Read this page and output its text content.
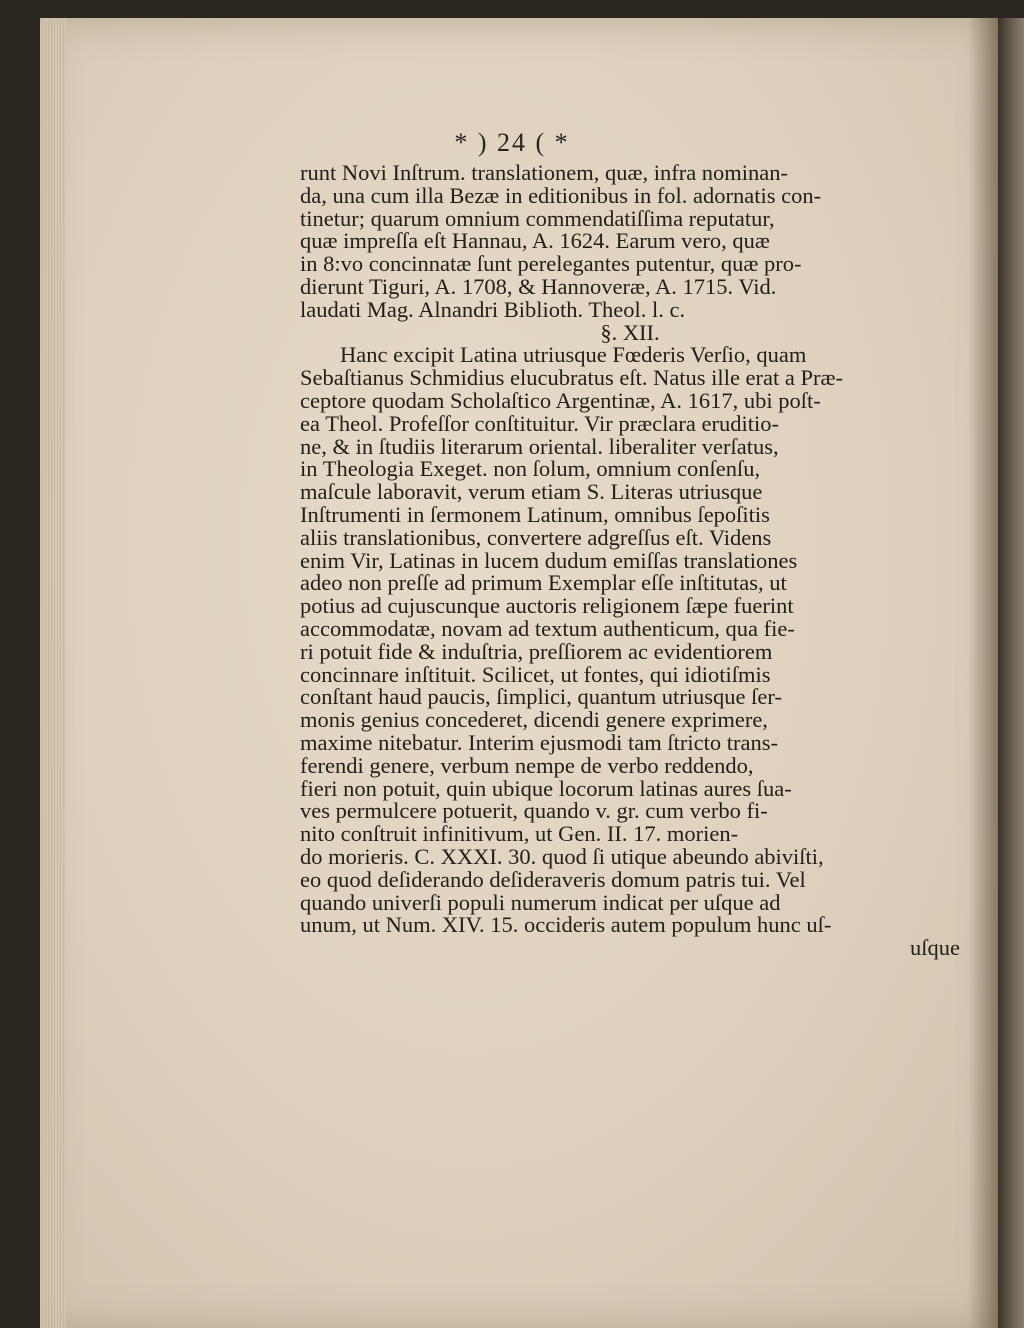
* ) 24 ( *
runt Novi Inſtrum. translationem, quæ, infra nominan-
da, una cum illa Bezæ in editionibus in fol. adornatis con-
tinetur; quarum omnium commendatiſſima reputatur,
quæ impreſſa eſt Hannau, A. 1624. Earum vero, quæ
in 8:vo concinnatæ ſunt perelegantes putentur, quæ pro-
dierunt Tiguri, A. 1708, & Hannoveræ, A. 1715. Vid.
laudati Mag. Alnandri Biblioth. Theol. l. c.
§. XII.
Hanc excipit Latina utriusque Fœderis Verſio, quam
Sebaſtianus Schmidius elucubratus eſt. Natus ille erat a Præ-
ceptore quodam Scholaſtico Argentinæ, A. 1617, ubi poſt-
ea Theol. Profeſſor conſtituitur. Vir præclara eruditio-
ne, & in ſtudiis literarum oriental. liberaliter verſatus,
in Theologia Exeget. non ſolum, omnium conſenſu,
maſcule laboravit, verum etiam S. Literas utriusque
Inſtrumenti in ſermonem Latinum, omnibus ſepoſitis
aliis translationibus, convertere adgreſſus eſt. Videns
enim Vir, Latinas in lucem dudum emiſſas translationes
adeo non preſſe ad primum Exemplar eſſe inſtitutas, ut
potius ad cujuscunque auctoris religionem ſæpe fuerint
accommodatæ, novam ad textum authenticum, qua fie-
ri potuit fide & induſtria, preſſiorem ac evidentiorem
concinnare inſtituit. Scilicet, ut fontes, qui idiotiſmis
conſtant haud paucis, ſimplici, quantum utriusque ſer-
monis genius concederet, dicendi genere exprimere,
maxime nitebatur. Interim ejusmodi tam ſtricto trans-
ferendi genere, verbum nempe de verbo reddendo,
fieri non potuit, quin ubique locorum latinas aures ſua-
ves permulcere potuerit, quando v. gr. cum verbo fi-
nito conſtruit infinitivum, ut Gen. II. 17. morien-
do morieris. C. XXXI. 30. quod ſi utique abeundo abiviſti,
eo quod deſiderando deſideraveris domum patris tui. Vel
quando univerſi populi numerum indicat per uſque ad
unum, ut Num. XIV. 15. occideris autem populum hunc uſ-
uſque
